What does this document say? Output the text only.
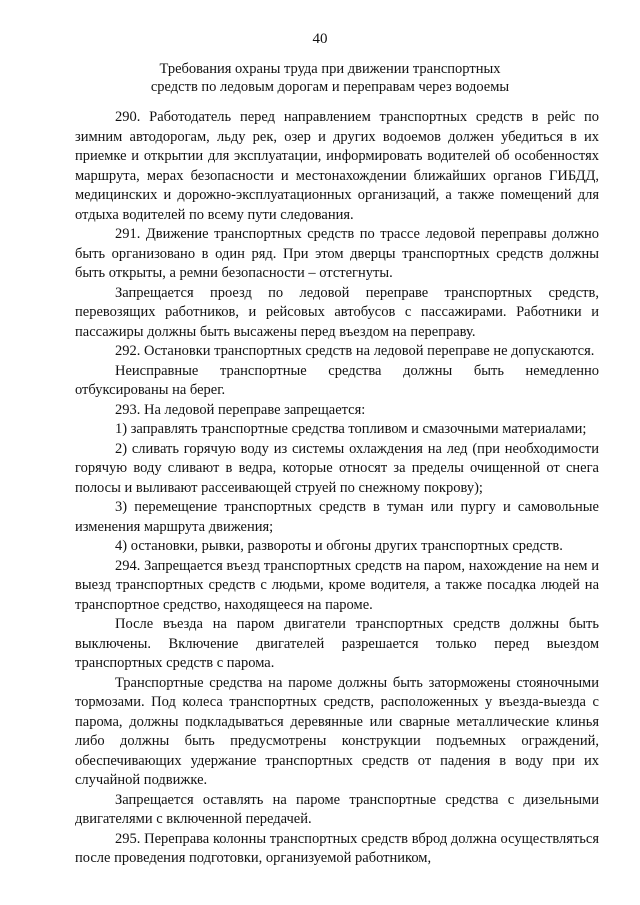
40
Требования охраны труда при движении транспортных
средств по ледовым дорогам и переправам через водоемы

290. Работодатель перед направлением транспортных средств в рейс по зимним автодорогам, льду рек, озер и других водоемов должен убедиться в их приемке и открытии для эксплуатации, информировать водителей об особенностях маршрута, мерах безопасности и местонахождении ближайших органов ГИБДД, медицинских и дорожно-эксплуатационных организаций, а также помещений для отдыха водителей по всему пути следования.

291. Движение транспортных средств по трассе ледовой переправы должно быть организовано в один ряд. При этом дверцы транспортных средств должны быть открыты, а ремни безопасности – отстегнуты.

Запрещается проезд по ледовой переправе транспортных средств, перевозящих работников, и рейсовых автобусов с пассажирами. Работники и пассажиры должны быть высажены перед въездом на переправу.

292. Остановки транспортных средств на ледовой переправе не допускаются.

Неисправные транспортные средства должны быть немедленно отбуксированы на берег.

293. На ледовой переправе запрещается:

1) заправлять транспортные средства топливом и смазочными материалами;

2) сливать горячую воду из системы охлаждения на лед (при необходимости горячую воду сливают в ведра, которые относят за пределы очищенной от снега полосы и выливают рассеивающей струей по снежному покрову);

3) перемещение транспортных средств в туман или пургу и самовольные изменения маршрута движения;

4) остановки, рывки, развороты и обгоны других транспортных средств.

294. Запрещается въезд транспортных средств на паром, нахождение на нем и выезд транспортных средств с людьми, кроме водителя, а также посадка людей на транспортное средство, находящееся на пароме.

После въезда на паром двигатели транспортных средств должны быть выключены. Включение двигателей разрешается только перед выездом транспортных средств с парома.

Транспортные средства на пароме должны быть заторможены стояночными тормозами. Под колеса транспортных средств, расположенных у въезда-выезда с парома, должны подкладываться деревянные или сварные металлические клинья либо должны быть предусмотрены конструкции подъемных ограждений, обеспечивающих удержание транспортных средств от падения в воду при их случайной подвижке.

Запрещается оставлять на пароме транспортные средства с дизельными двигателями с включенной передачей.

295. Переправа колонны транспортных средств вброд должна осуществляться после проведения подготовки, организуемой работником,
